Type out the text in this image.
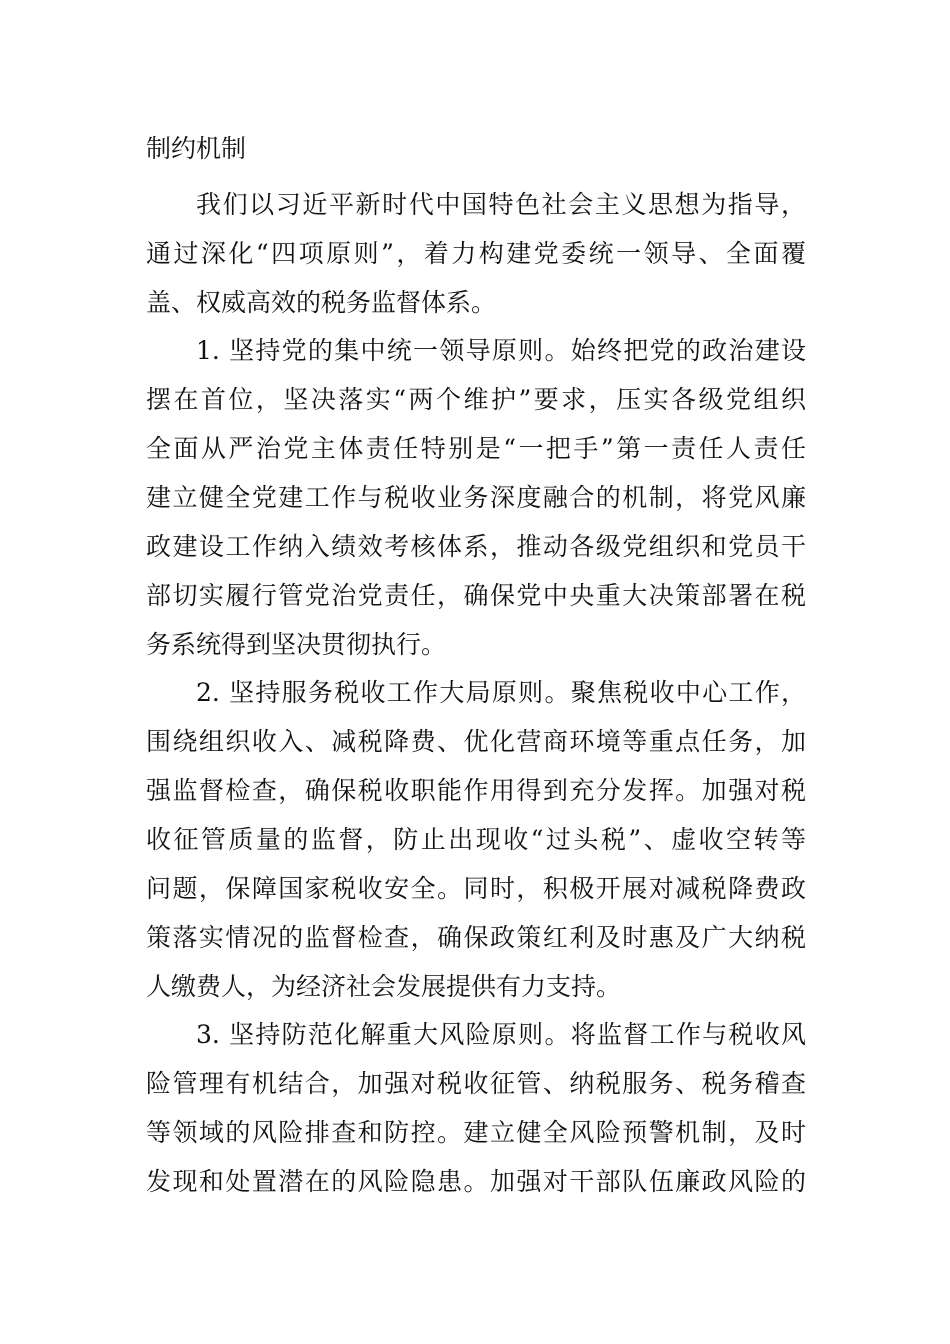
制约机制
我们以习近平新时代中国特色社会主义思想为指导，
通过深化“四项原则”，着力构建党委统一领导、全面覆
盖、权威高效的税务监督体系。
1. 坚持党的集中统一领导原则。始终把党的政治建设
摆在首位，坚决落实“两个维护”要求，压实各级党组织
全面从严治党主体责任特别是“一把手”第一责任人责任
建立健全党建工作与税收业务深度融合的机制，将党风廉
政建设工作纳入绩效考核体系，推动各级党组织和党员干
部切实履行管党治党责任，确保党中央重大决策部署在税
务系统得到坚决贯彻执行。
2. 坚持服务税收工作大局原则。聚焦税收中心工作，
围绕组织收入、减税降费、优化营商环境等重点任务，加
强监督检查，确保税收职能作用得到充分发挥。加强对税
收征管质量的监督，防止出现收“过头税”、虚收空转等
问题，保障国家税收安全。同时，积极开展对减税降费政
策落实情况的监督检查，确保政策红利及时惠及广大纳税
人缴费人，为经济社会发展提供有力支持。
3. 坚持防范化解重大风险原则。将监督工作与税收风
险管理有机结合，加强对税收征管、纳税服务、税务稽查
等领域的风险排查和防控。建立健全风险预警机制，及时
发现和处置潜在的风险隐患。加强对干部队伍廉政风险的
